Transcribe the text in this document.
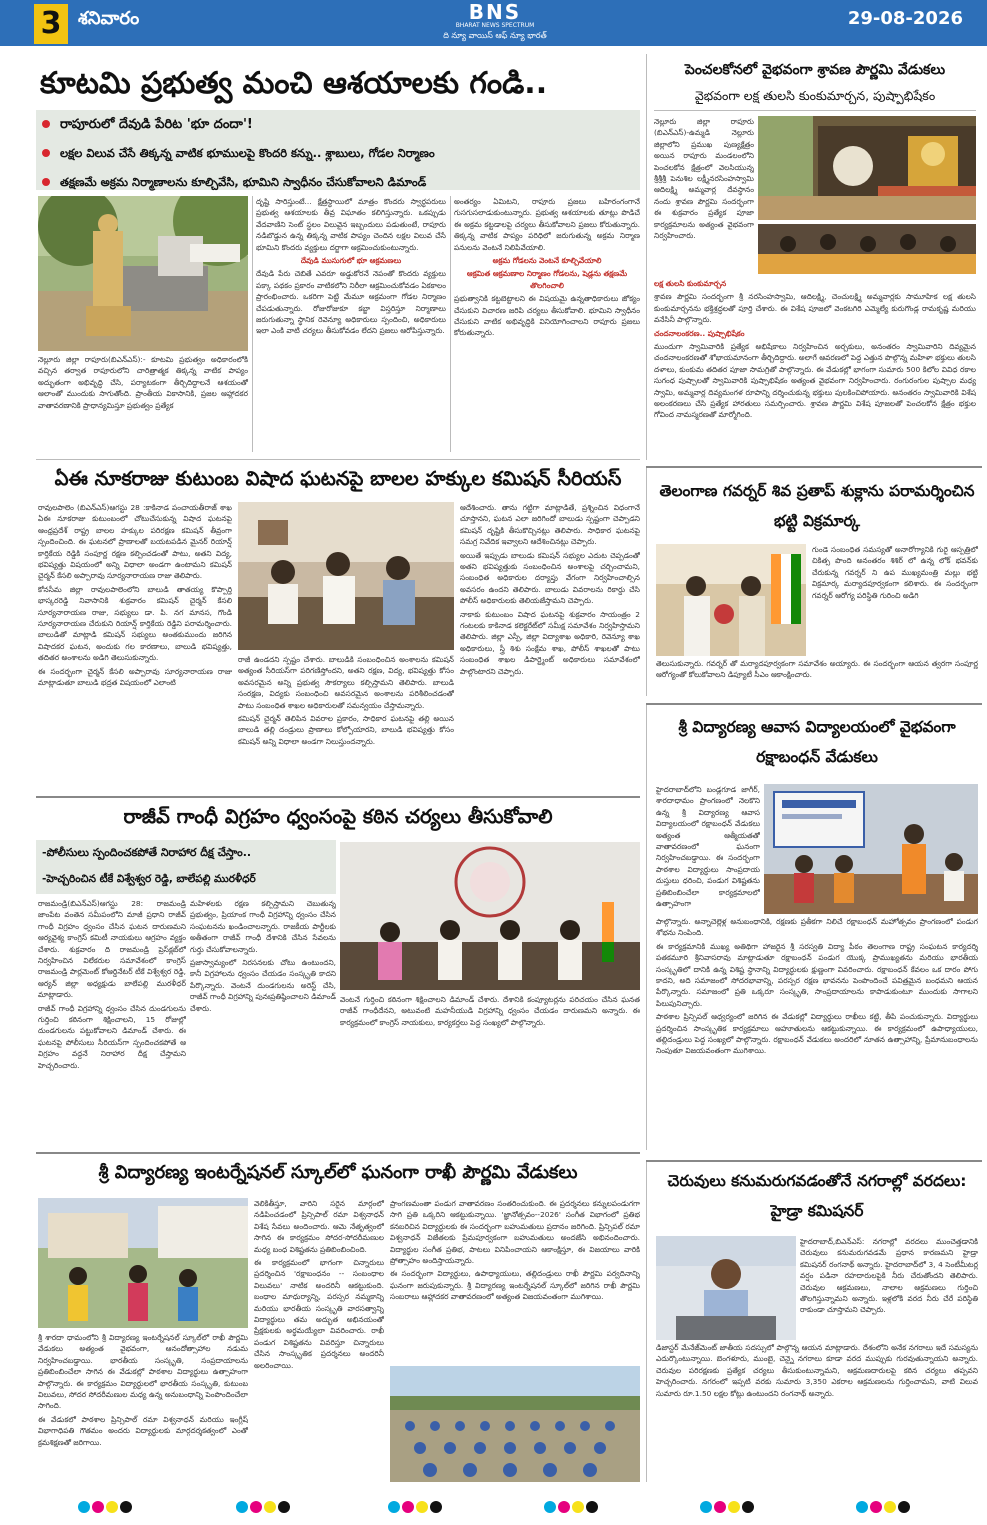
3 శనివారం	BNS
BHARAT NEWS SPECTRUM
ది న్యూ వాయిస్ ఆఫ్ న్యూ భారత్
29-08-2026
కూటమి ప్రభుత్వ మంచి ఆశయాలకు గండి..
రాపూరులో దేవుడి పేరిట 'భూ దందా'!
లక్షల విలువ చేసే తిక్కన్న వాటిక భూములపై కొందరి కన్ను.. శ్లాబులు, గోడల నిర్మాణం
తక్షణమే అక్రమ నిర్మాణాలను కూల్చివేసి, భూమిని స్వాధీనం చేసుకోవాలని డిమాండ్
నెల్లూరు జిల్లా రాపూరు(బిఎన్ఎస్):- కూటమి ప్రభుత్వం అధికారంలోకి వచ్చిన తర్వాత రాపూరులోని చారిత్రాత్మక తిక్కన్న వాటిక పాప్యం అద్భుతంగా అభివృద్ధి చేసి, పర్యాటకంగా తీర్చిదిద్దాలనే ఆశయంతో ఆలాంతో ముందుకు సాగుతోంది. ప్రాంతీయ వికాసానికి, ప్రజల ఆహ్లాదకర వాతావరణానికి ప్రాధాన్యమిస్తూ ప్రభుత్వం ప్రత్యేక

దృష్టి సారిస్తుంటే... క్షేత్రస్థాయిలో మాత్రం కొందరు స్వార్థపరులు ప్రభుత్వ ఆశయాలకు తీవ్ర విఘాతం కలిగిస్తున్నారు. ఒకప్పుడు వేదవాణిని సెంట్ స్థలం విలువైన ఇబ్బందులు పడుతుంటే, రాపూరు నడిబొడ్డున ఉన్న తిక్కన్న వాటిక పాప్యం చెందిన లక్షల విలువ చేసే భూమిని కొందరు వ్యక్తులు దర్జాగా ఆక్రమించుకుంటున్నారు.

దేవుడి ముసుగులో భూ ఆక్రమణలు

దేవుడి పేరు చెబితే ఎవరూ అడ్డుకోరనే నెపంతో కొందరు వ్యక్తులు పక్కా పథకం ప్రకారం వాటికలోని నిరీలా ఆక్రమించుకోవడం ఏకకాలం ప్రారంభించారు. ఒకరిగా పెట్టి మేమూ ఆక్రమంగా గోడల నిర్మాణం చేపడుతున్నారు. రోజురోజుకూ కబ్జా విస్తరిస్తూ నిర్మాణాలు జరుగుతున్నా స్థానిక రెవెన్యూ అధికారులు స్పందించి, అధికారులు ఇలా ఎంకి వాటి చర్యలు తీసుకోవడం లేదని ప్రజలు ఆరోపిస్తున్నారు.

అంతర్యం ఏమిటని, రాపూరు ప్రజలు బహిరంగంగానే గుసగుసలాడుకుంటున్నారు. ప్రభుత్వ ఆశయాలకు తూట్లు పొడిచే ఈ అక్రమ కట్టడాలపై చర్యలు తీసుకోవాలని ప్రజలు కోరుతున్నారు. తిక్కన్న వాటిక పాప్యం పరిధిలో జరుగుతున్న అక్రమ నిర్మాణ పనులను వెంటనే నిలిపివేయాలి.

అక్రమ గోడలను వెంటనే కూల్చివేయాలి

ఆక్రమిత ఆక్రమణాల నిర్మాణం గోడలను, షెడ్లను తక్షణమే తొలగించాలి

ప్రభుత్వానికి కట్టబెట్టాలని ఈ విషయమై ఉన్నతాధికారులు జోక్యం చేసుకుని విచారణ జరిపి చర్యలు తీసుకోవాలి. భూమిని స్వాధీనం చేసుకుని వాటిక అభివృద్ధికి వినియోగించాలని రాపూరు ప్రజలు కోరుతున్నారు.

పెంచలకోనలో వైభవంగా శ్రావణ పౌర్ణమి వేడుకలు
వైభవంగా లక్ష తులసి కుంకుమార్చన, పుష్పాభిషేకం
నెల్లూరు జిల్లా రాపూరు (బిఎన్ఎస్)-ఉమ్మడి నెల్లూరు జిల్లాలోని ప్రముఖ పుణ్యక్షేత్రం అయిన రాపూరు మండలంలోని పెంచలకోన క్షేత్రంలో వెలసియున్న శ్రీశ్రీశ్రీ పెనుశిల లక్ష్మీనరసింహస్వామి ఆదిలక్ష్మి అమ్మవార్ల దేవస్థానం నందు శ్రావణ పౌర్ణమి సందర్భంగా ఈ శుక్రవారం ప్రత్యేక పూజా కార్యక్రమాలను అత్యంత వైభవంగా నిర్వహించారు.

లక్ష తులసి కుంకుమార్చన

శ్రావణ పౌర్ణమి సందర్భంగా శ్రీ నరసింహస్వామి, ఆదిలక్ష్మి, చెంచులక్ష్మి అమ్మవార్లకు సామూహిక లక్ష తులసి కుంకుమార్చనను భక్తిశ్రద్ధలతో పూర్తి చేశారు. ఈ విశేష పూజలో వెంకటగిరి ఎమ్మెల్యే కురుగొండ్ల రామకృష్ణ మరియు వనేసినీ పాల్గొన్నారు.

చందనాలంకరణ.. పుష్పాభిషేకం

ముందుగా స్వామివారికి ప్రత్యేక అభిషేకాలు నిర్వహించిన అర్చకులు, అనంతరం స్వామివారిని దివ్యమైన చందనాలంకరణతో శోభాయమానంగా తీర్చిదిద్దారు. అలాగే ఆవరణలో పెద్ద ఎత్తున పొల్గొన్న మహిళా భక్తులు తులసి దళాలు, కుంకుమ తదితర పూజా సామగ్రితో పాల్గొన్నారు. ఈ వేడుకల్లో భాగంగా సుమారు 500 కిలోల వివిధ రకాల సుగంధ పుష్పాలతో స్వామివారికి పుష్పాభిషేకం అత్యంత వైభవంగా నిర్వహించారు. రంగురంగుల పుష్పాల మధ్య స్వామి, అమ్మవార్ల దివ్యమంగళ రూపాన్ని దర్శించుకున్న భక్తులు పులకించిపోయారు. అనంతరం స్వామివారికి విశేష అలంకరణలు చేసి ప్రత్యేక హారతులు సమర్పించారు. శ్రావణ పౌర్ణమి విశేష పూజలతో పెంచలకోన క్షేత్రం భక్తుల గోవింద నామస్మరణతో మార్మోగింది.

ఏఈ నూకరాజు కుటుంబ విషాద ఘటనపై బాలల హక్కుల కమిషన్ సీరియస్

రావులపాలెం (బిఎన్ఎస్)ఆగస్టు 28 :కాకినాడ పంచాయతీరాజ్ శాఖ ఏఈ నూకరాజు కుటుంబంలో చోటుచేసుకున్న విషాద ఘటనపై ఆంధ్రప్రదేశ్ రాష్ట్ర బాలల హక్కుల పరిరక్షణ కమిషన్ తీవ్రంగా స్పందించింది. ఈ ఘటనలో ప్రాణాలతో బయటపడిన మైనర్ రియాన్ష్ కార్తికేయ రెడ్డికి సంపూర్ణ రక్షణ కల్పించడంతో పాటు, అతని విద్య, భవిష్యత్తు విషయంలో అన్ని విధాలా అండగా ఉంటామని కమిషన్ చైర్మన్ కేసలి అప్పారావు సూర్యనారాయణ రాజు తెలిపారు.

కోనసీమ జిల్లా రావులపాలెంలోని బాలుడి తాతయ్య కొప్పార్తి భాస్కరరెడ్డి నివాసానికి శుక్రవారం కమిషన్ చైర్మన్ కేసలి సూర్యనారాయణ రాజు, సభ్యులు డా. పి. నగ మానస, గొండి సూర్యనారాయణ చేరుకుని రియాన్ష్ కార్తికేయ రెడ్డిని పరామర్శించారు. బాలుడితో మాట్లాడి కమిషన్ సభ్యులు అంతకుముందు జరిగిన విషాదకర ఘటన, అందుకు గల కారణాలు, బాలుడి భవిష్యత్తు, తదితర అంశాలను అడిగి తెలుసుకున్నారు.

ఈ సందర్భంగా చైర్మన్ కేసలి అప్పారావు సూర్యనారాయణ రాజు మాట్లాడుతూ బాలుడి భద్రత విషయంలో ఎలాంటి

రాజీ ఉండదని స్పష్టం చేశారు. బాలుడికి సంబంధించిన అంశాలను కమిషన్ అత్యంత సీరియస్‌గా పరిగణిస్తోందని, అతని రక్షణ, విద్య, భవిష్యత్తు కోసం అవసరమైన అన్ని ప్రభుత్వ సౌకర్యాలు కల్పిస్తామని తెలిపారు. బాలుడి సంరక్షణ, విద్యకు సంబంధించి అవసరమైన అంశాలను పరిశీలించడంతో పాటు సంబంధిత శాఖల అధికారులతో సమన్వయం చేస్తామన్నారు.

కమిషన్ చైర్మన్ తెలిపిన వివరాల ప్రకారం, సాధికార ఘటనపై తల్లి అయిన బాలుడి తల్లి దండ్రులు ప్రాణాలు కోల్పోయారని, బాలుడి భవిష్యత్తు కోసం కమిషన్ అన్ని విధాలా అండగా నిలుస్తుందన్నారు.

ఆదేశించారు. తాను గట్టిగా మాట్లాడితే, ప్రశ్నించిన విధంగానే చూస్తానని, ఘటన ఎలా జరిగిందో బాలుడు స్పష్టంగా చెప్పాడని కమిషన్ దృష్టికి తీసుకొచ్చినట్లు తెలిపారు. సాధికార ఘటనపై సమగ్ర నివేదిక ఇవ్వాలని ఆదేశించినట్లు చెప్పారు.

అయితే ఇప్పుడు బాలుడు కమిషన్ సభ్యుల ఎదుట చెప్పడంతో అతని భవిష్యత్తుకు సంబంధించిన అంశాలపై చర్చించామని, సంబంధిత అధికారుల దర్యాప్తు వేగంగా నిర్వహించాల్సిన అవసరం ఉందని తెలిపారు. బాలుడు వివరాలను రికార్డు చేసి పోలీస్ అధికారులకు తెలియజేస్తామని చెప్పారు.

నాకాకు కుటుంబం విషాద ఘటనపై శుక్రవారం సాయంత్రం 2 గంటలకు కాకినాడ కలెక్టరేట్‌లో సమీక్ష సమావేశం నిర్వహిస్తామని తెలిపారు. జిల్లా ఎస్పీ, జిల్లా విద్యాశాఖ అధికారి, రెవెన్యూ శాఖ అధికారులు, స్త్రీ శిశు సంక్షేమ శాఖ, పోలీస్ శాఖలతో పాటు సంబంధిత శాఖల డిపార్ట్మెంట్ అధికారులు సమావేశంలో పాల్గొంటారని చెప్పారు.

తెలంగాణ గవర్నర్ శివ ప్రతాప్ శుక్లాను పరామర్శించిన భట్టి విక్రమార్క
గుండె సంబంధిత సమస్యతో అనారోగ్యానికి గురై ఆస్పత్రిలో చికిత్స పొంది అనంతరం శిశిర్ లో ఉన్న లోక్ భవన్‌కు చేరుకున్న గవర్నర్ ని ఉప ముఖ్యమంత్రి మల్లు భట్టి విక్రమార్క మర్యాదపూర్వకంగా కలిశారు. ఈ సందర్భంగా గవర్నర్ ఆరోగ్య పరిస్థితి గురించి అడిగి
తెలుసుకున్నారు. గవర్నర్ తో మర్యాదపూర్వకంగా సమావేశం అయ్యారు. ఈ సందర్భంగా ఆయన త్వరగా సంపూర్ణ ఆరోగ్యంతో కోలుకోవాలని డిప్యూటీ సీఎం ఆకాంక్షించారు.
శ్రీ విద్యారణ్య ఆవాస విద్యాలయంలో వైభవంగా రక్షాబంధన్ వేడుకలు
హైదరాబాద్‌లోని బండ్లగూడ జాగీర్, శారదాధామం ప్రాంగణంలో నెలకొని ఉన్న శ్రీ విద్యారణ్య ఆవాస విద్యాలయంలో రక్షాబంధన్ వేడుకలు అత్యంత ఆత్మీయతతో వాతావరణంలో ఘనంగా నిర్వహించబడ్డాయి. ఈ సందర్భంగా పాఠశాల విద్యార్థులు సాంప్రదాయ దుస్తులు ధరించి, పండుగ విశిష్టతను ప్రతిబింబించేలా కార్యక్రమాలలో ఉత్సాహంగా

పాల్గొన్నారు. అన్నాచెల్లెళ్ల అనుబంధానికి, రక్షణకు ప్రతీకగా నిలిచే రక్షాబంధన్ మహోత్సవం ప్రాంగణంలో పండుగ శోభను నింపింది.

ఈ కార్యక్రమానికి ముఖ్య అతిథిగా హాజరైన శ్రీ సరస్వతి విద్యా పీఠం తెలంగాణ రాష్ట్ర సంఘటన కార్యదర్శి పతకమూరి శ్రీనివాసరావు మాట్లాడుతూ రక్షాబంధన్ పండుగ యొక్క ప్రాముఖ్యతను మరియు భారతీయ సంస్కృతిలో దానికి ఉన్న విశిష్ట స్థానాన్ని విద్యార్థులకు క్షుణ్ణంగా వివరించారు. రక్షాబంధన్ కేవలం ఒక దారం పోగు కాదని, అది సమాజంలో సోదరభావాన్ని, పరస్పర రక్షణ భావనను పెంపొందించే పవిత్రమైన బంధమని ఆయన పేర్కొన్నారు. సమాజంలో ప్రతి ఒక్కరూ సంస్కృతి, సాంప్రదాయాలను కాపాడుకుంటూ ముందుకు సాగాలని పిలుపునిచ్చారు.

పాఠశాల ప్రిన్సిపల్ ఆధ్వర్యంలో జరిగిన ఈ వేడుకల్లో విద్యార్థులు రాఖీలు కట్టి, తీపి పంచుకున్నారు. విద్యార్థులు ప్రదర్శించిన సాంస్కృతిక కార్యక్రమాలు ఆహూతులను ఆకట్టుకున్నాయి. ఈ కార్యక్రమంలో ఉపాధ్యాయులు, తల్లిదండ్రులు పెద్ద సంఖ్యలో పాల్గొన్నారు. రక్షాబంధన్ వేడుకలు అందరిలో నూతన ఉత్సాహాన్ని, ప్రేమానుబంధాలను నింపుతూ విజయవంతంగా ముగిశాయి.

రాజీవ్ గాంధీ విగ్రహం ధ్వంసంపై కఠిన చర్యలు తీసుకోవాలి
-పోలీసులు స్పందించకపోతే నిరాహార దీక్ష చేస్తాం..
-హెచ్చరించిన టీకే విశ్వేశ్వర రెడ్డి, బాలేపల్లి మురళీధర్

రాజమండ్రి(బిఎన్ఎస్)ఆగస్టు 28: రాజమండ్రి జాంపేట వంతెన సమీపంలోని మాజీ ప్రధాని రాజీవ్ గాంధీ విగ్రహం ధ్వంసం చేసిన ఘటన దారుణమని ఆర్యవైశ్య కాంగ్రెస్ కమిటీ నాయకులు ఆగ్రహం వ్యక్తం చేశారు. శుక్రవారం ది రాజమండ్రి ప్రెస్‌క్లబ్‌లో నిర్వహించిన విలేకరుల సమావేశంలో కాంగ్రెస్ రాజమండ్రి పార్లమెంట్ కోఆర్డినేటర్ టీకే విశ్వేశ్వర రెడ్డి, ఆర్యన్ జిల్లా అధ్యక్షుడు బాలేపల్లి మురళీధర్ మాట్లాడారు.

రాజీవ్ గాంధీ విగ్రహాన్ని ధ్వంసం చేసిన దుండగులను గుర్తించి కఠినంగా శిక్షించాలని, 15 రోజుల్లో దుండగులను పట్టుకోవాలని డిమాండ్ చేశారు. ఈ ఘటనపై పోలీసులు సీరియస్‌గా స్పందించకపోతే ఆ విగ్రహం వద్దనే నిరాహార దీక్ష చేస్తామని హెచ్చరించారు.

మహిళలకు రక్షణ కల్పిస్తామని చెబుతున్న ప్రభుత్వం, ప్రియాంక గాంధీ విగ్రహాన్ని ధ్వంసం చేసిన సంఘటనను ఖండించాలన్నారు. రాజకీయ పార్టీలకు అతీతంగా రాజీవ్ గాంధీ దేశానికి చేసిన సేవలను గుర్తు చేసుకోవాలన్నారు.

ప్రజాస్వామ్యంలో నిరసనలకు చోటు ఉంటుందని, కానీ విగ్రహాలను ధ్వంసం చేయడం సంస్కృతి కాదని పేర్కొన్నారు. వెంటనే దుండగులను అరెస్ట్ చేసి, రాజీవ్ గాంధీ విగ్రహాన్ని పునఃప్రతిష్ఠించాలని డిమాండ్ చేశారు.

వెంటనే గుర్తించి కఠినంగా శిక్షించాలని డిమాండ్ చేశారు. దేశానికి కంప్యూటర్లను పరిచయం చేసిన ఘనత రాజీవ్ గాంధీదేనని, అటువంటి మహనీయుడి విగ్రహాన్ని ధ్వంసం చేయడం దారుణమని అన్నారు. ఈ కార్యక్రమంలో కాంగ్రెస్ నాయకులు, కార్యకర్తలు పెద్ద సంఖ్యలో పాల్గొన్నారు.
శ్రీ విద్యారణ్య ఇంటర్నేషనల్ స్కూల్‌లో ఘనంగా రాఖీ పౌర్ణమి వేడుకలు

శ్రీ శారదా ధామంలోని శ్రీ విద్యారణ్య ఇంటర్నేషనల్ స్కూల్‌లో రాఖీ పౌర్ణమి వేడుకలు అత్యంత వైభవంగా, ఆనందోత్సాహాల నడుమ నిర్వహించబడ్డాయి. భారతీయ సంస్కృతి, సంప్రదాయాలను ప్రతిబింబించేలా సాగిన ఈ వేడుకల్లో పాఠశాల విద్యార్థులు ఉత్సాహంగా పాల్గొన్నారు. ఈ కార్యక్రమం విద్యార్థులలో భారతీయ సంస్కృతి, కుటుంబ విలువలు, సోదర సోదరీమణుల మధ్య ఉన్న అనుబంధాన్ని పెంపొందించేలా సాగింది.

ఈ వేడుకలో పాఠశాల ప్రిన్సిపాల్ రమా విశ్వనాధన్ మరియు ఇంగ్లీష్ విభాగాధిపతి గౌతమం అందరు విద్యార్థులకు మార్గదర్శకత్వంలో ఎంతో క్రమశిక్షణతో జరిగాయి.

వెలికితీస్తూ, వారిని సరైన మార్గంలో నడిపించడంలో ప్రిన్సిపాల్ రమా విశ్వనాధన్ విశేష సేవలు అందించారు. ఆమె నేతృత్వంలో సాగిన ఈ కార్యక్రమం సోదర-సోదరీమణుల మధ్య బంధ విశిష్టతను ప్రతిబింబించింది.

ఈ కార్యక్రమంలో భాగంగా చిన్నారులు ప్రదర్శించిన 'రక్షాబంధనం -- సంబంధాల విలువలు' నాటిక అందరినీ ఆకట్టుకుంది. బంధాల మాధుర్యాన్ని, పరస్పర నమ్మకాన్ని మరియు భారతీయ సంస్కృతి వారసత్వాన్ని విద్యార్థులు తమ అద్భుత అభినయంతో ప్రేక్షకులకు అర్థమయ్యేలా వివరించారు. రాఖీ పండుగ విశిష్టతను వివరిస్తూ చిన్నారులు చేసిన సాంస్కృతిక ప్రదర్శనలు అందరినీ అలరించాయి.

ప్రాంగణమంతా పండుగ వాతావరణం సంతరించుకుంది. ఈ ప్రదర్శనలు కన్నులపండుగగా సాగి ప్రతి ఒక్కరిని ఆకట్టుకున్నాయి. 'జ్ఞానోత్సవం--2026' సంగీత విభాగంలో ప్రతిభ కనబరిచిన విద్యార్థులకు ఈ సందర్భంగా బహుమతులు ప్రదానం జరిగింది. ప్రిన్సిపల్ రమా విశ్వనాధన్ విజేతలకు ప్రేమపూర్వకంగా బహుమతులు అందజేసి అభినందించారు. విద్యార్థుల సంగీత ప్రతిభ, పాటలు వినిపించాయని ఆకాంక్షిస్తూ, ఈ విజయాలు వారికి ప్రోత్సాహం అందిస్తాయన్నారు.

ఈ సందర్భంగా విద్యార్థులు, ఉపాధ్యాయులు, తల్లిదండ్రులు రాఖీ పౌర్ణమి పర్వదినాన్ని ఘనంగా జరుపుకున్నారు. శ్రీ విద్యారణ్య ఇంటర్నేషనల్ స్కూల్‌లో జరిగిన రాఖీ పౌర్ణమి సంబరాలు ఆహ్లాదకర వాతావరణంలో అత్యంత విజయవంతంగా ముగిశాయి.

చెరువులు కనుమరుగవడంతోనే నగరాల్లో వరదలు: హైడ్రా కమిషనర్
హైదరాబాద్,బిఎన్ఎస్: నగరాల్లో వరదలు ముంచెత్తడానికి చెరువులు కనుమరుగవడమే ప్రధాన కారణమని హైడ్రా కమిషనర్ రంగనాథ్ అన్నారు. హైదరాబాద్‌లో 3, 4 సెంటీమీటర్ల వర్షం పడినా రహదారులపైకి నీరు చేరుతోందని తెలిపారు. చెరువుల ఆక్రమణలు, నాలాల ఆక్రమణలు గుర్తించి తొలగిస్తున్నామని అన్నారు. ఇళ్లలోకి వరద నీరు చేరే పరిస్థితి రాకుండా చూస్తామని చెప్పారు.
డిజాస్టర్ మేనేజ్‌మెంట్ జాతీయ సదస్సులో పాల్గొన్న ఆయన మాట్లాడారు. దేశంలోని అనేక నగరాలు ఇదే సమస్యను ఎదుర్కొంటున్నాయి. బెంగళూరు, ముంబై, చెన్నై నగరాలు కూడా వరద ముప్పుకు గురవుతున్నాయని అన్నారు. చెరువుల పరిరక్షణకు ప్రత్యేక చర్యలు తీసుకుంటున్నామని, ఆక్రమణదారులపై కఠిన చర్యలు తప్పవని హెచ్చరించారు. నగరంలో ఇప్పటి వరకు సుమారు 3,350 ఎకరాల ఆక్రమణలను గుర్తించామని, వాటి విలువ సుమారు రూ.1.50 లక్షల కోట్లు ఉంటుందని రంగనాథ్ అన్నారు.
